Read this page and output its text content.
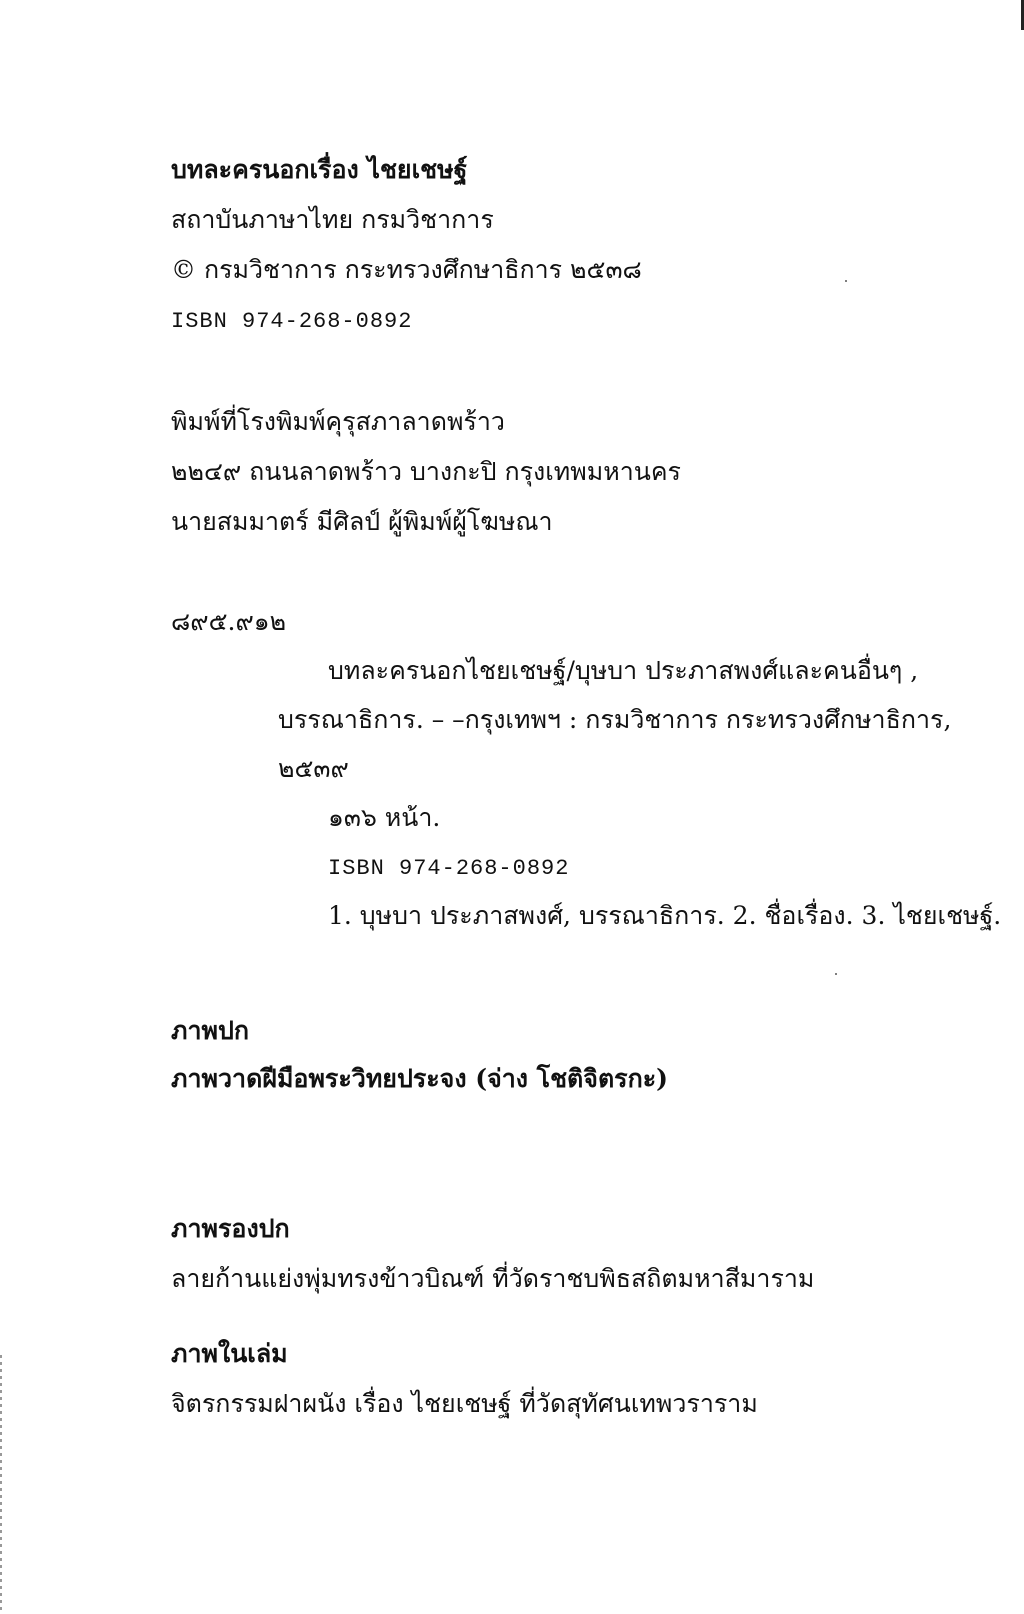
บทละครนอกเรื่อง ไชยเชษฐ์
สถาบันภาษาไทย กรมวิชาการ
© กรมวิชาการ กระทรวงศึกษาธิการ ๒๕๓๘
ISBN 974-268-0892
พิมพ์ที่โรงพิมพ์คุรุสภาลาดพร้าว
๒๒๔๙ ถนนลาดพร้าว บางกะปิ กรุงเทพมหานคร
นายสมมาตร์ มีศิลป์ ผู้พิมพ์ผู้โฆษณา
๘๙๕.๙๑๒
บทละครนอกไชยเชษฐ์/บุษบา ประภาสพงศ์และคนอื่นๆ ,
บรรณาธิการ. – –กรุงเทพฯ : กรมวิชาการ กระทรวงศึกษาธิการ,
๒๕๓๙
๑๓๖ หน้า.
ISBN 974-268-0892
1. บุษบา ประภาสพงศ์, บรรณาธิการ. 2. ชื่อเรื่อง. 3. ไชยเชษฐ์.
ภาพปก
ภาพวาดฝีมือพระวิทยประจง (จ่าง โชติจิตรกะ)
ภาพรองปก
ลายก้านแย่งพุ่มทรงข้าวบิณฑ์ ที่วัดราชบพิธสถิตมหาสีมาราม
ภาพในเล่ม
จิตรกรรมฝาผนัง เรื่อง ไชยเชษฐ์ ที่วัดสุทัศนเทพวราราม
